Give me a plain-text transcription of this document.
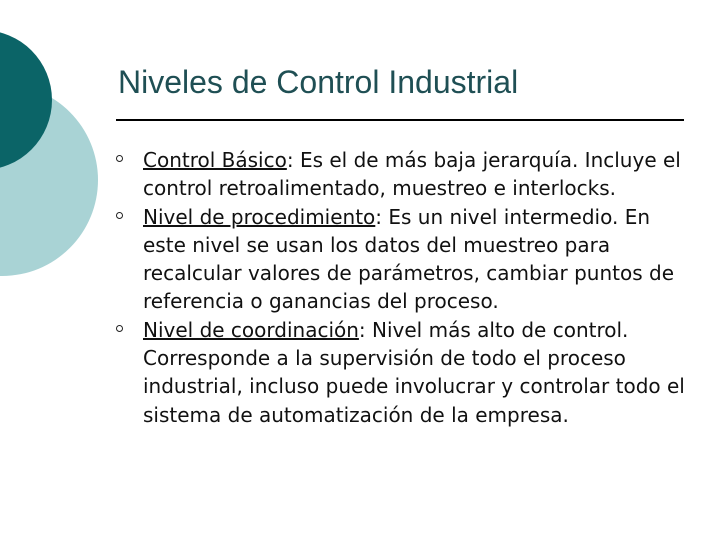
Niveles de Control Industrial
Control Básico: Es el de más baja jerarquía. Incluye el control retroalimentado, muestreo e interlocks.
Nivel de procedimiento: Es un nivel intermedio. En este nivel se usan los datos del muestreo para recalcular valores de parámetros, cambiar puntos de referencia o ganancias del proceso.
Nivel de coordinación: Nivel más alto de control. Corresponde a la supervisión de todo el proceso industrial, incluso puede involucrar y controlar todo el sistema de automatización de la empresa.
